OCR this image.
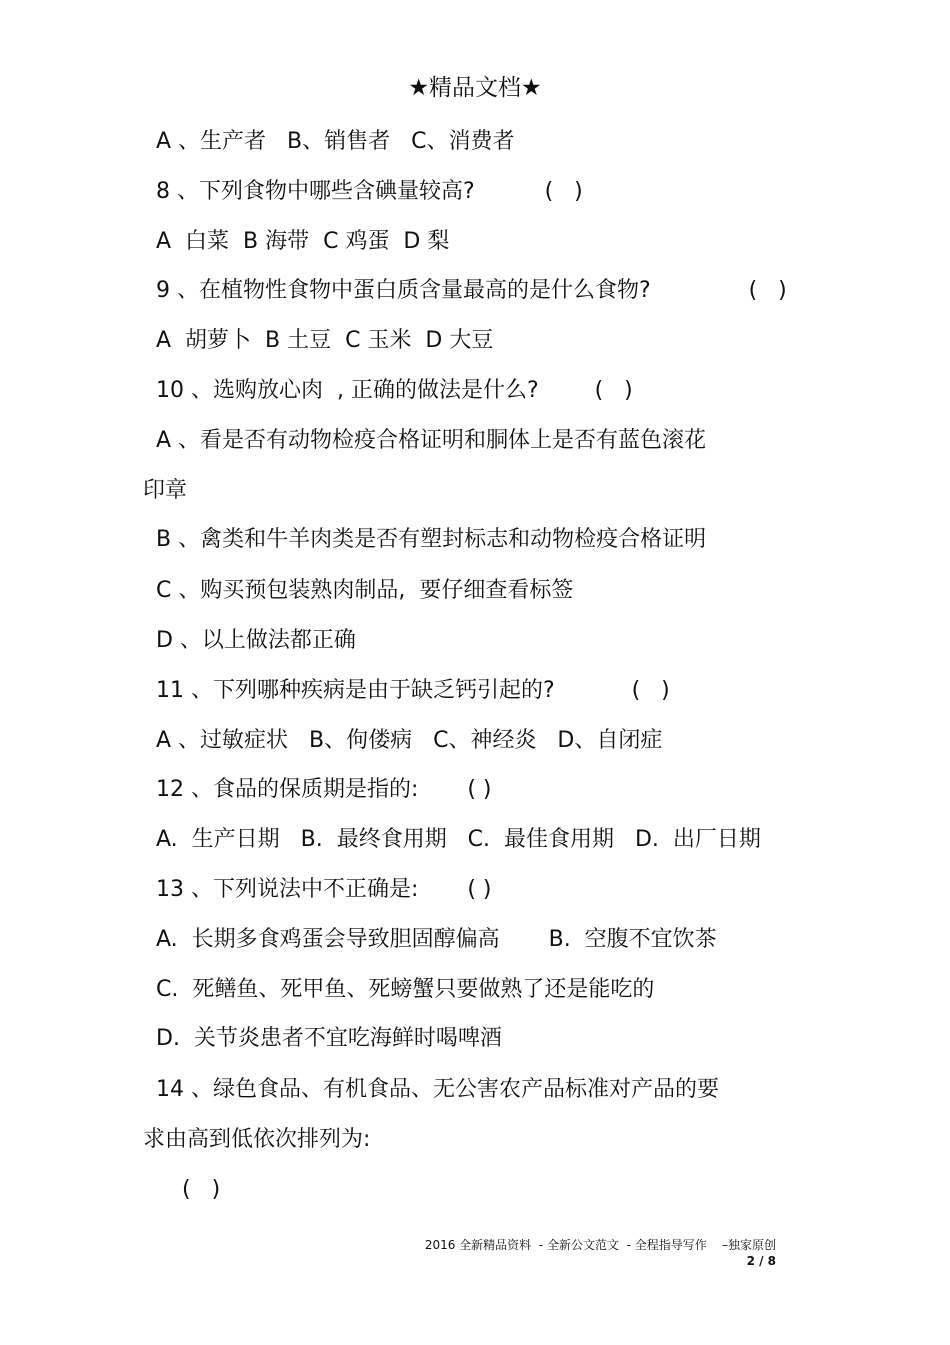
★精品文档★
A 、生产者   B、销售者   C、消费者
8 、下列食物中哪些含碘量较高?          (   )
A  白菜  B 海带  C 鸡蛋  D 梨
9 、在植物性食物中蛋白质含量最高的是什么食物?              (   )
A  胡萝卜  B 土豆  C 玉米  D 大豆
10 、选购放心肉  , 正确的做法是什么?        (   )
A 、看是否有动物检疫合格证明和胴体上是否有蓝色滚花
印章
B 、禽类和牛羊肉类是否有塑封标志和动物检疫合格证明
C 、购买预包装熟肉制品,  要仔细查看标签
D 、以上做法都正确
11 、下列哪种疾病是由于缺乏钙引起的?           (   )
A 、过敏症状   B、佝偻病   C、神经炎   D、自闭症
12 、食品的保质期是指的:       ( )
A.  生产日期   B.  最终食用期   C.  最佳食用期   D.  出厂日期
13 、下列说法中不正确是:       ( )
A.  长期多食鸡蛋会导致胆固醇偏高       B.  空腹不宜饮茶
C.  死鳝鱼、死甲鱼、死螃蟹只要做熟了还是能吃的
D.  关节炎患者不宜吃海鲜时喝啤酒
14 、绿色食品、有机食品、无公害农产品标准对产品的要
求由高到低依次排列为:
(   )
2016 全新精品资料  - 全新公文范文  - 全程指导写作    –独家原创
2 / 8
